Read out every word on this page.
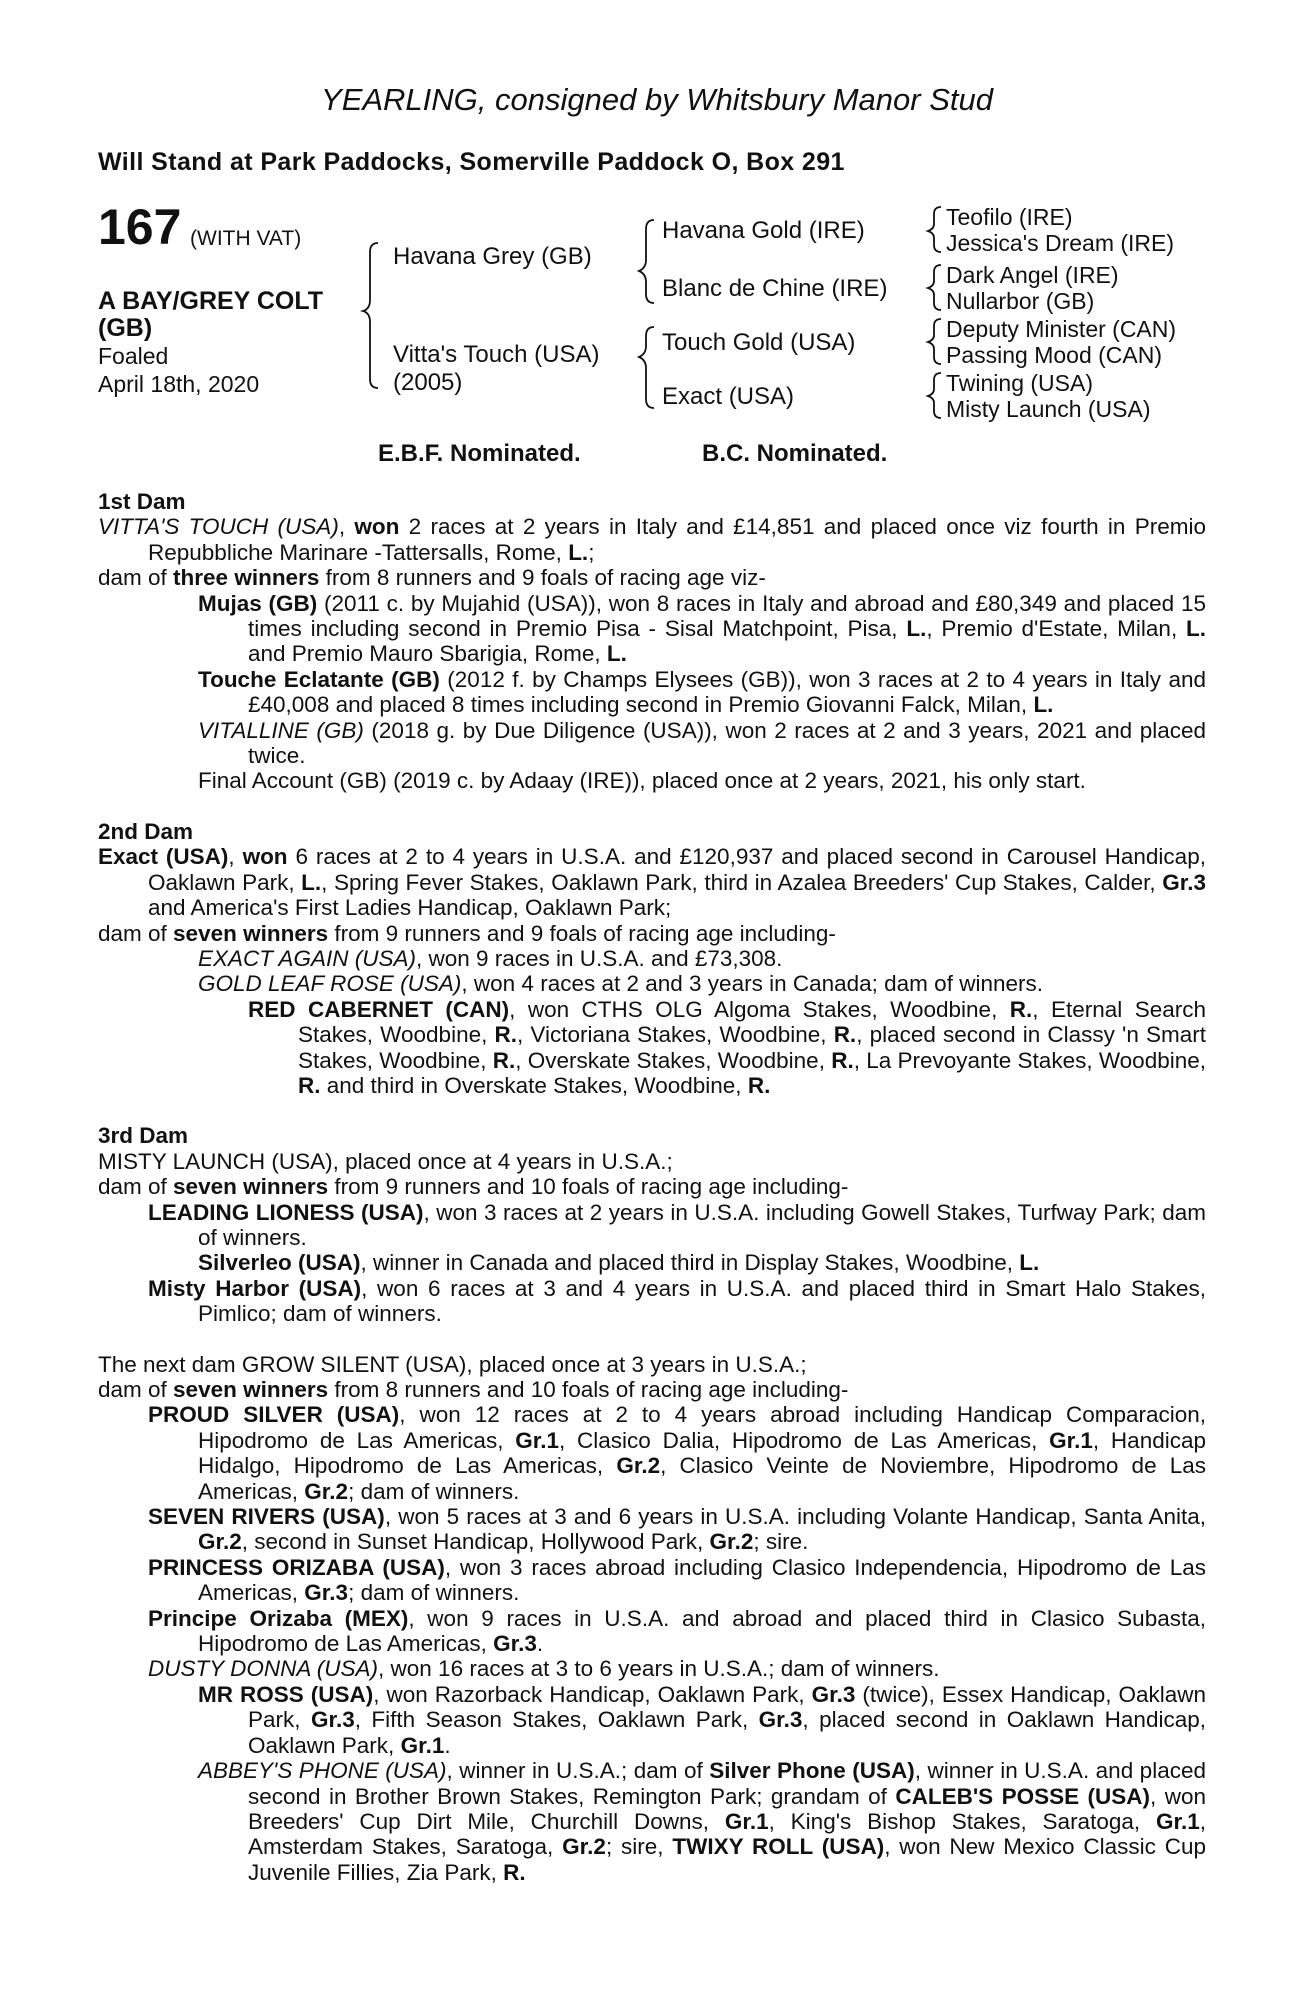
YEARLING, consigned by Whitsbury Manor Stud
Will Stand at Park Paddocks, Somerville Paddock O, Box 291
167 (WITH VAT)
A BAY/GREY COLT
(GB)
Foaled
April 18th, 2020
Havana Grey (GB)
Vitta's Touch (USA)
(2005)
Havana Gold (IRE)
Blanc de Chine (IRE)
Touch Gold (USA)
Exact (USA)
Teofilo (IRE)
Jessica's Dream (IRE)
Dark Angel (IRE)
Nullarbor (GB)
Deputy Minister (CAN)
Passing Mood (CAN)
Twining (USA)
Misty Launch (USA)
E.B.F. Nominated.	B.C. Nominated.

1st Dam

VITTA'S TOUCH (USA), won 2 races at 2 years in Italy and £14,851 and placed once viz fourth in Premio Repubbliche Marinare -Tattersalls, Rome, L.;

dam of three winners from 8 runners and 9 foals of racing age viz-

Mujas (GB) (2011 c. by Mujahid (USA)), won 8 races in Italy and abroad and £80,349 and placed 15 times including second in Premio Pisa - Sisal Matchpoint, Pisa, L., Premio d'Estate, Milan, L. and Premio Mauro Sbarigia, Rome, L.

Touche Eclatante (GB) (2012 f. by Champs Elysees (GB)), won 3 races at 2 to 4 years in Italy and £40,008 and placed 8 times including second in Premio Giovanni Falck, Milan, L.

VITALLINE (GB) (2018 g. by Due Diligence (USA)), won 2 races at 2 and 3 years, 2021 and placed twice.

Final Account (GB) (2019 c. by Adaay (IRE)), placed once at 2 years, 2021, his only start.

2nd Dam

Exact (USA), won 6 races at 2 to 4 years in U.S.A. and £120,937 and placed second in Carousel Handicap, Oaklawn Park, L., Spring Fever Stakes, Oaklawn Park, third in Azalea Breeders' Cup Stakes, Calder, Gr.3 and America's First Ladies Handicap, Oaklawn Park;

dam of seven winners from 9 runners and 9 foals of racing age including-

EXACT AGAIN (USA), won 9 races in U.S.A. and £73,308.

GOLD LEAF ROSE (USA), won 4 races at 2 and 3 years in Canada; dam of winners.

RED CABERNET (CAN), won CTHS OLG Algoma Stakes, Woodbine, R., Eternal Search Stakes, Woodbine, R., Victoriana Stakes, Woodbine, R., placed second in Classy 'n Smart Stakes, Woodbine, R., Overskate Stakes, Woodbine, R., La Prevoyante Stakes, Woodbine, R. and third in Overskate Stakes, Woodbine, R.

3rd Dam

MISTY LAUNCH (USA), placed once at 4 years in U.S.A.;

dam of seven winners from 9 runners and 10 foals of racing age including-

LEADING LIONESS (USA), won 3 races at 2 years in U.S.A. including Gowell Stakes, Turfway Park; dam of winners.

Silverleo (USA), winner in Canada and placed third in Display Stakes, Woodbine, L.

Misty Harbor (USA), won 6 races at 3 and 4 years in U.S.A. and placed third in Smart Halo Stakes, Pimlico; dam of winners.

The next dam GROW SILENT (USA), placed once at 3 years in U.S.A.;

dam of seven winners from 8 runners and 10 foals of racing age including-

PROUD SILVER (USA), won 12 races at 2 to 4 years abroad including Handicap Comparacion, Hipodromo de Las Americas, Gr.1, Clasico Dalia, Hipodromo de Las Americas, Gr.1, Handicap Hidalgo, Hipodromo de Las Americas, Gr.2, Clasico Veinte de Noviembre, Hipodromo de Las Americas, Gr.2; dam of winners.

SEVEN RIVERS (USA), won 5 races at 3 and 6 years in U.S.A. including Volante Handicap, Santa Anita, Gr.2, second in Sunset Handicap, Hollywood Park, Gr.2; sire.

PRINCESS ORIZABA (USA), won 3 races abroad including Clasico Independencia, Hipodromo de Las Americas, Gr.3; dam of winners.

Principe Orizaba (MEX), won 9 races in U.S.A. and abroad and placed third in Clasico Subasta, Hipodromo de Las Americas, Gr.3.

DUSTY DONNA (USA), won 16 races at 3 to 6 years in U.S.A.; dam of winners.

MR ROSS (USA), won Razorback Handicap, Oaklawn Park, Gr.3 (twice), Essex Handicap, Oaklawn Park, Gr.3, Fifth Season Stakes, Oaklawn Park, Gr.3, placed second in Oaklawn Handicap, Oaklawn Park, Gr.1.

ABBEY'S PHONE (USA), winner in U.S.A.; dam of Silver Phone (USA), winner in U.S.A. and placed second in Brother Brown Stakes, Remington Park; grandam of CALEB'S POSSE (USA), won Breeders' Cup Dirt Mile, Churchill Downs, Gr.1, King's Bishop Stakes, Saratoga, Gr.1, Amsterdam Stakes, Saratoga, Gr.2; sire, TWIXY ROLL (USA), won New Mexico Classic Cup Juvenile Fillies, Zia Park, R.
